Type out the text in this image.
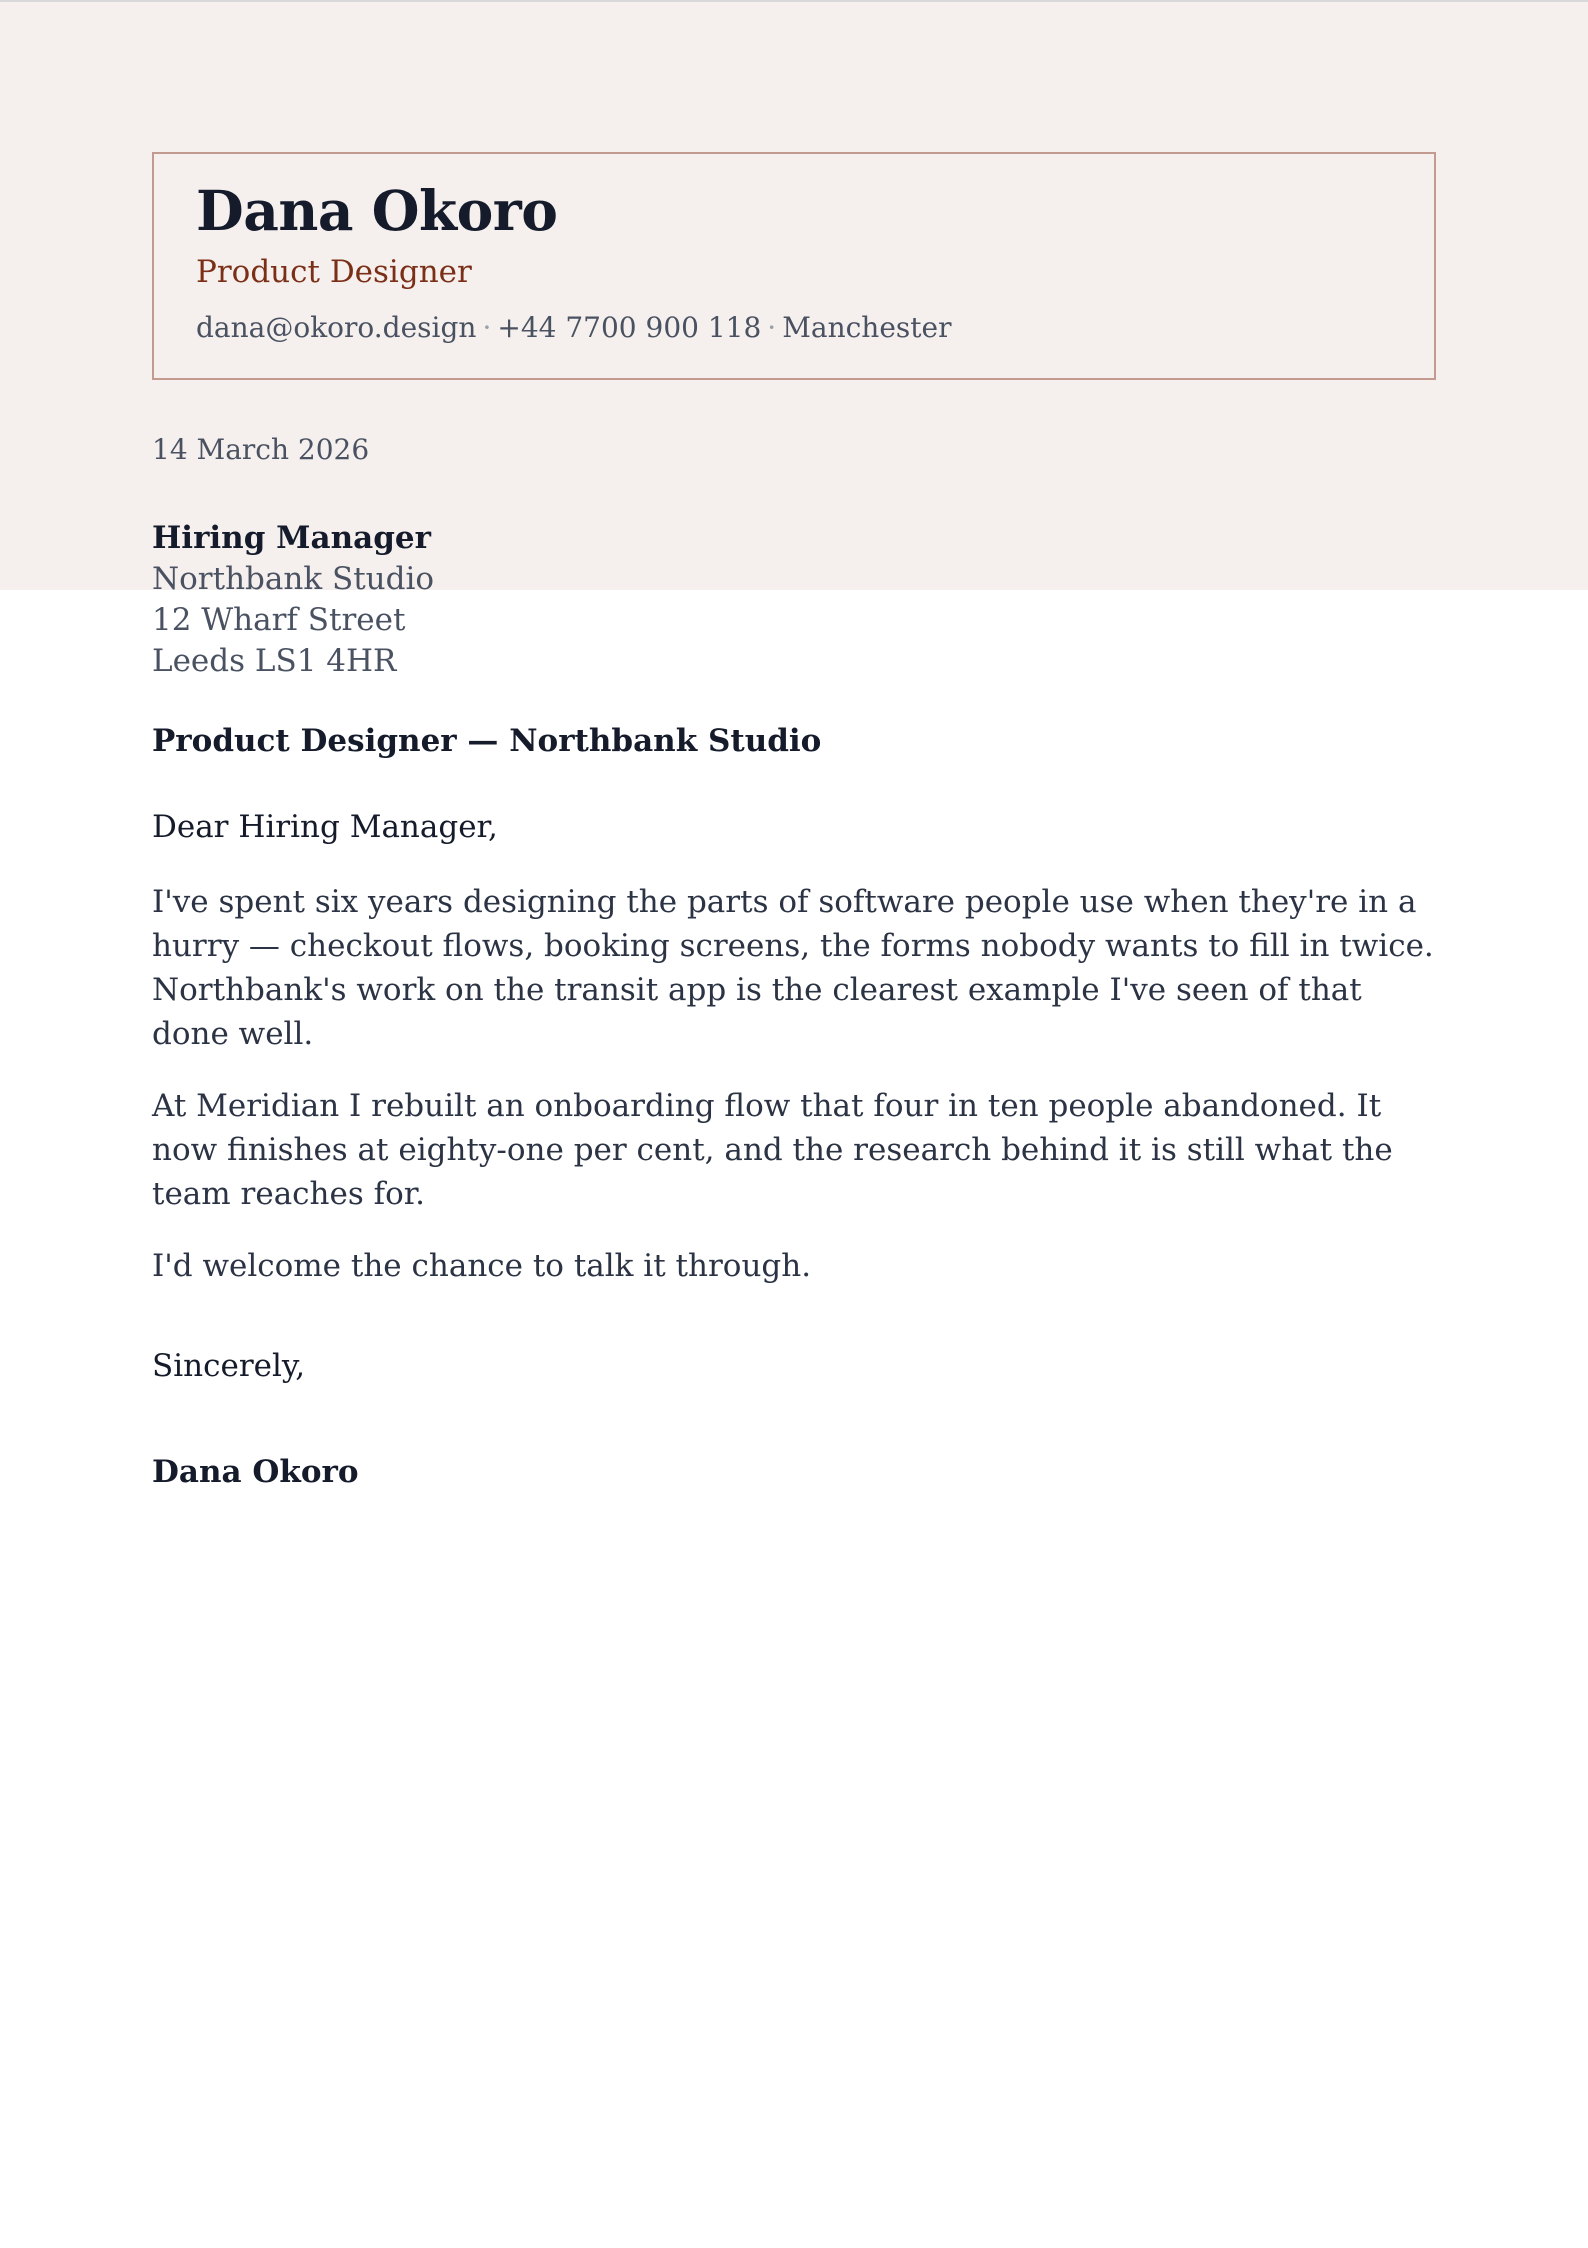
Dana Okoro
Product Designer
dana@okoro.design · +44 7700 900 118 · Manchester
14 March 2026
Hiring Manager
Northbank Studio
12 Wharf Street
Leeds LS1 4HR
Product Designer — Northbank Studio
Dear Hiring Manager,

I've spent six years designing the parts of software people use when they're in a hurry — checkout flows, booking screens, the forms nobody wants to fill in twice. Northbank's work on the transit app is the clearest example I've seen of that done well.

At Meridian I rebuilt an onboarding flow that four in ten people abandoned. It now finishes at eighty-one per cent, and the research behind it is still what the team reaches for.

I'd welcome the chance to talk it through.

Sincerely,
Dana Okoro
